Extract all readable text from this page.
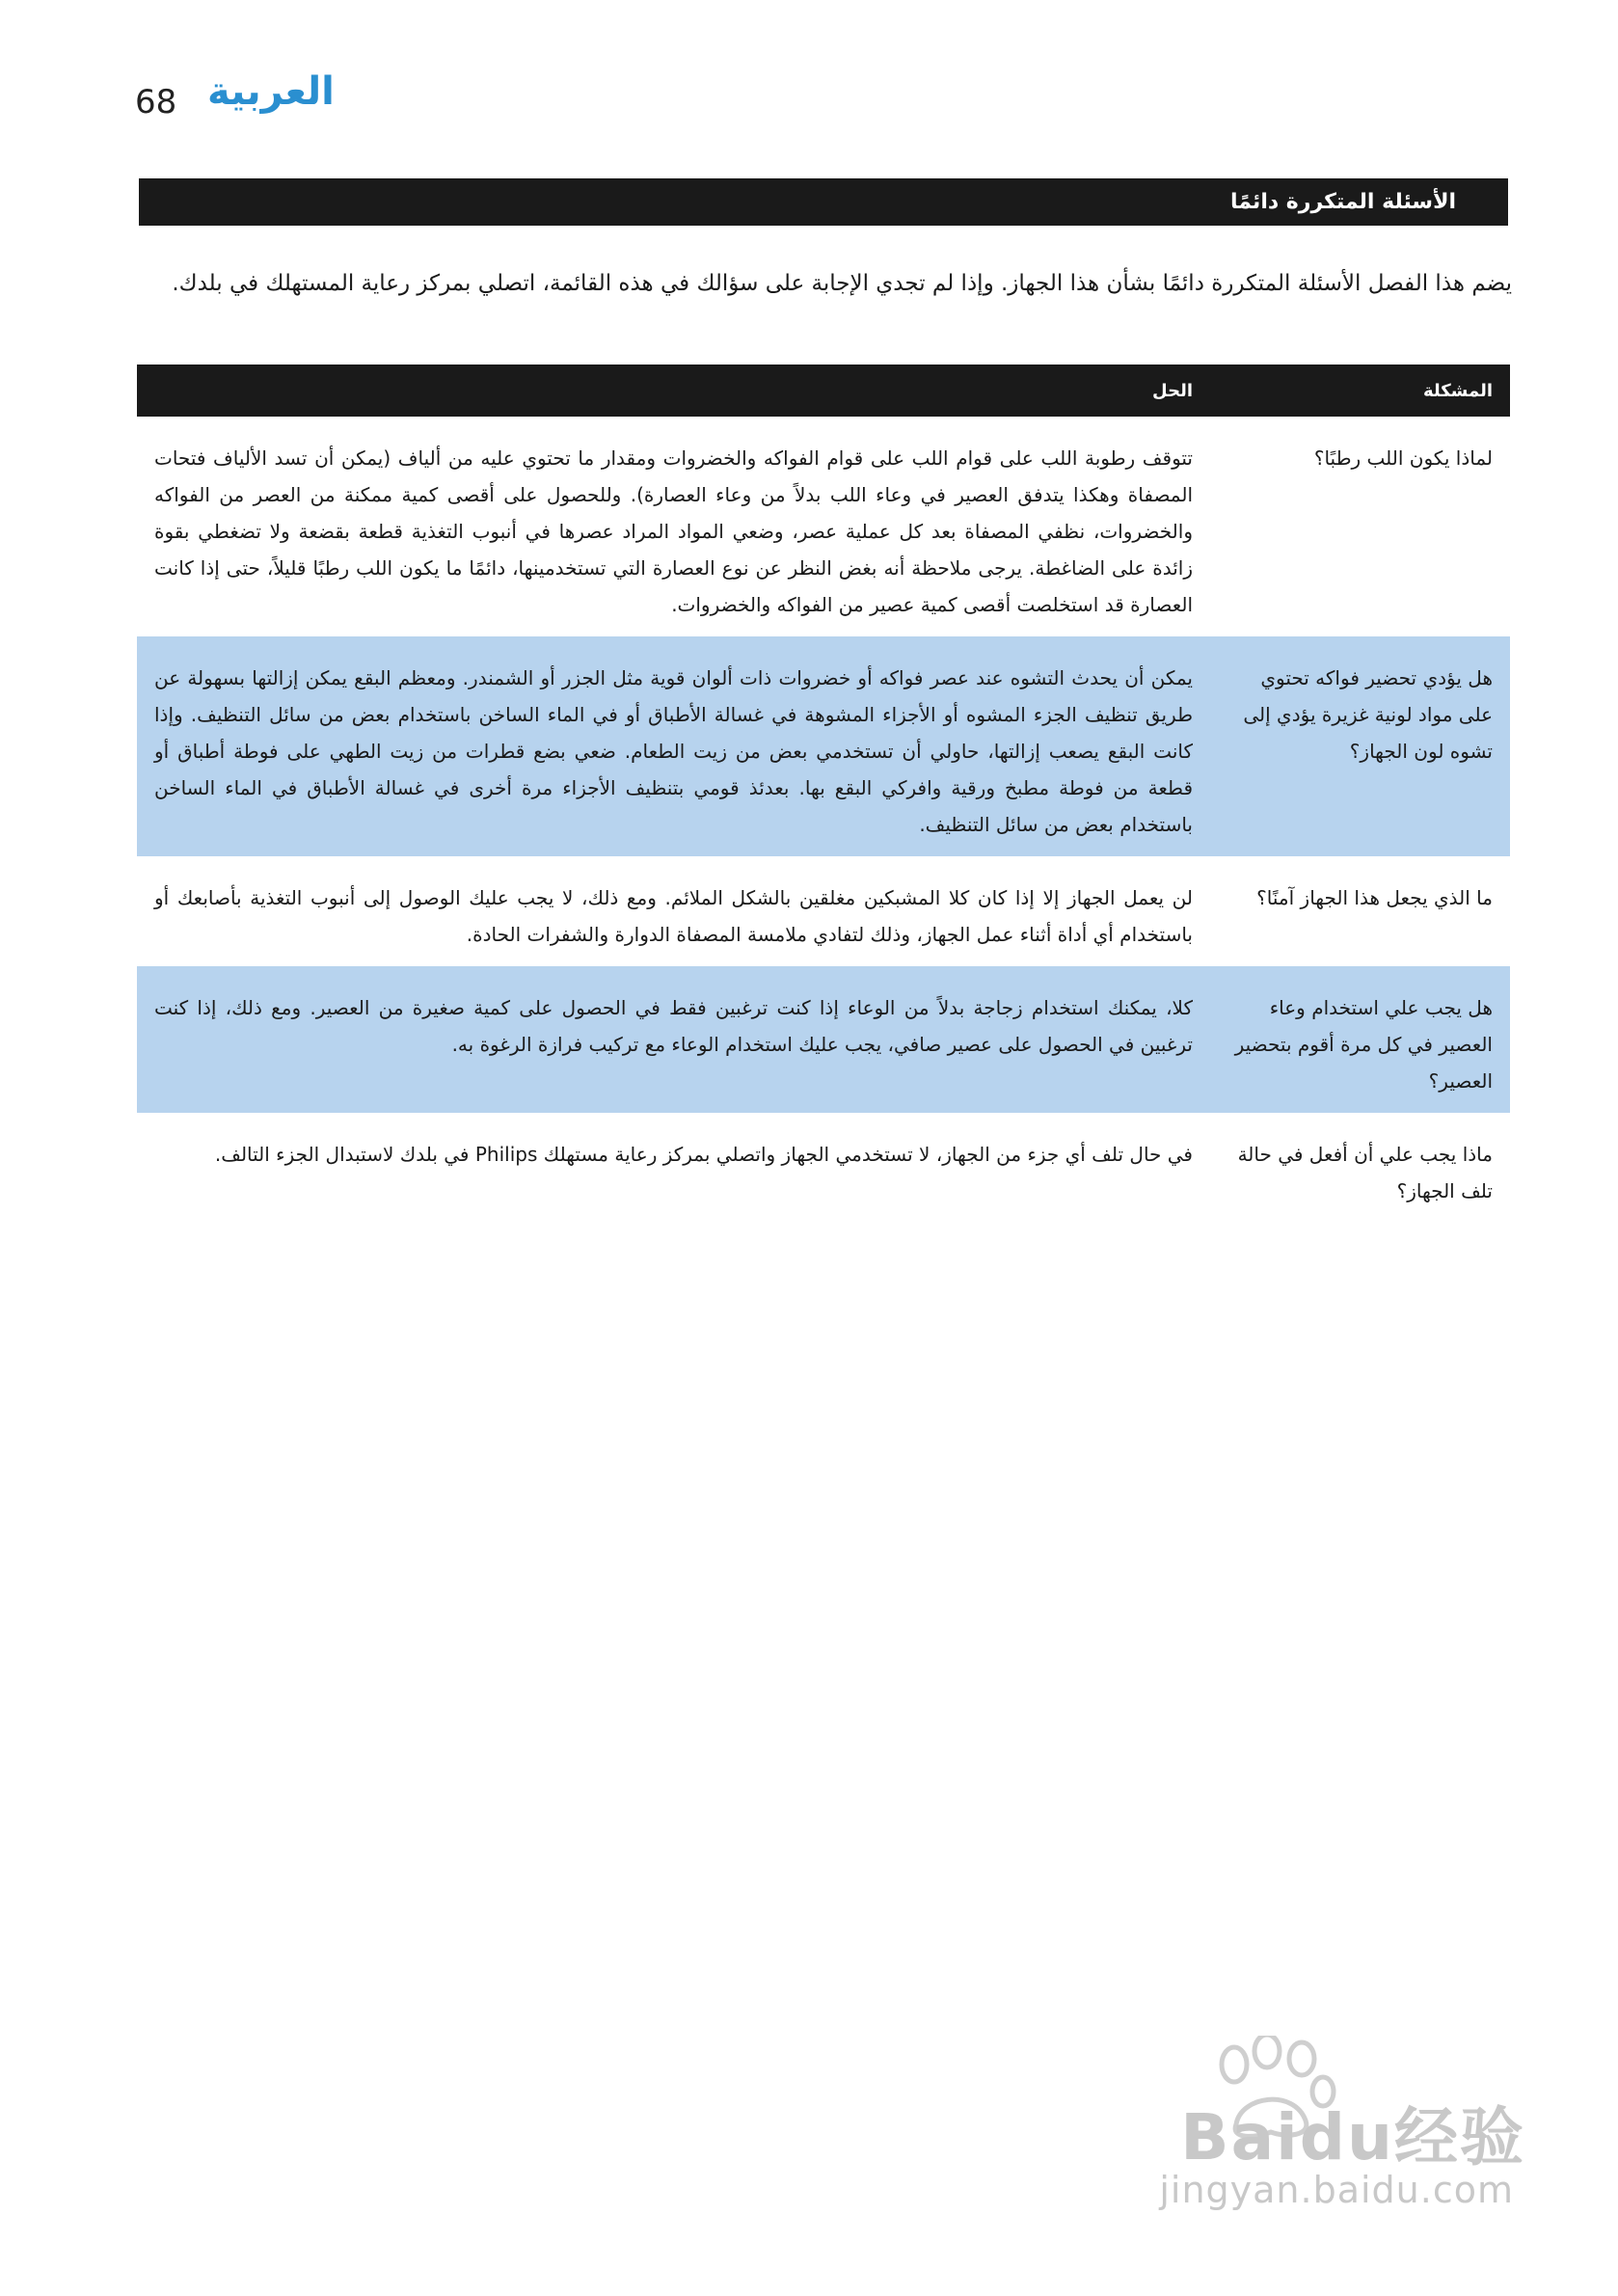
68 العربية
الأسئلة المتكررة دائمًا

يضم هذا الفصل الأسئلة المتكررة دائمًا بشأن هذا الجهاز. وإذا لم تجدي الإجابة على سؤالك في هذه القائمة، اتصلي بمركز رعاية المستهلك في بلدك.

المشكلة	الحل
لماذا يكون اللب رطبًا؟	تتوقف رطوبة اللب على قوام اللب على قوام الفواكه والخضروات ومقدار ما تحتوي عليه من ألياف (يمكن أن تسد الألياف فتحات المصفاة وهكذا يتدفق العصير في وعاء اللب بدلاً من وعاء العصارة). وللحصول على أقصى كمية ممكنة من العصر من الفواكه والخضروات، نظفي المصفاة بعد كل عملية عصر، وضعي المواد المراد عصرها في أنبوب التغذية قطعة بقضعة ولا تضغطي بقوة زائدة على الضاغطة. يرجى ملاحظة أنه بغض النظر عن نوع العصارة التي تستخدمينها، دائمًا ما يكون اللب رطبًا قليلاً، حتى إذا كانت العصارة قد استخلصت أقصى كمية عصير من الفواكه والخضروات.
هل يؤدي تحضير فواكه تحتوي على مواد لونية غزيرة يؤدي إلى تشوه لون الجهاز؟	يمكن أن يحدث التشوه عند عصر فواكه أو خضروات ذات ألوان قوية مثل الجزر أو الشمندر. ومعظم البقع يمكن إزالتها بسهولة عن طريق تنظيف الجزء المشوه أو الأجزاء المشوهة في غسالة الأطباق أو في الماء الساخن باستخدام بعض من سائل التنظيف. وإذا كانت البقع يصعب إزالتها، حاولي أن تستخدمي بعض من زيت الطعام. ضعي بضع قطرات من زيت الطهي على فوطة أطباق أو قطعة من فوطة مطبخ ورقية وافركي البقع بها. بعدئذ قومي بتنظيف الأجزاء مرة أخرى في غسالة الأطباق في الماء الساخن باستخدام بعض من سائل التنظيف.
ما الذي يجعل هذا الجهاز آمنًا؟	لن يعمل الجهاز إلا إذا كان كلا المشبكين مغلقين بالشكل الملائم. ومع ذلك، لا يجب عليك الوصول إلى أنبوب التغذية بأصابعك أو باستخدام أي أداة أثناء عمل الجهاز، وذلك لتفادي ملامسة المصفاة الدوارة والشفرات الحادة.
هل يجب علي استخدام وعاء العصير في كل مرة أقوم بتحضير العصير؟	كلا، يمكنك استخدام زجاجة بدلاً من الوعاء إذا كنت ترغبين فقط في الحصول على كمية صغيرة من العصير. ومع ذلك، إذا كنت ترغبين في الحصول على عصير صافي، يجب عليك استخدام الوعاء مع تركيب فرازة الرغوة به.
ماذا يجب علي أن أفعل في حالة تلف الجهاز؟	في حال تلف أي جزء من الجهاز، لا تستخدمي الجهاز واتصلي بمركز رعاية مستهلك Philips في بلدك لاستبدال الجزء التالف.
Baidu经验
jingyan.baidu.com
